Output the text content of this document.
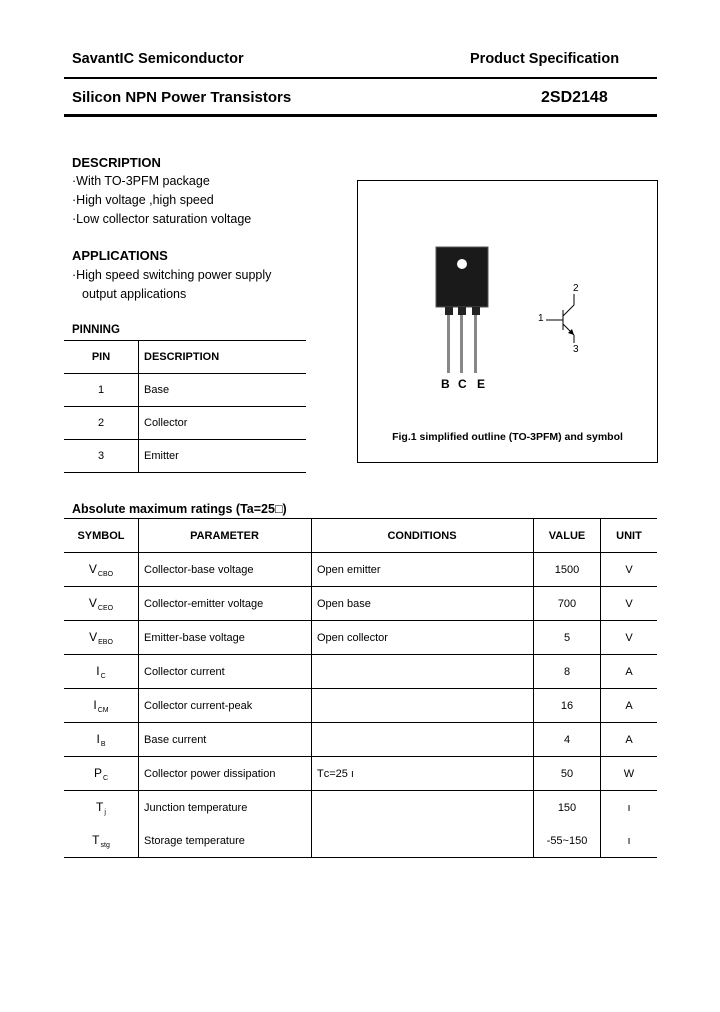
SavantIC Semiconductor	Product Specification
Silicon NPN Power Transistors	2SD2148
DESCRIPTION
·With TO-3PFM package
·High voltage ,high speed
·Low collector saturation voltage
APPLICATIONS
·High speed switching power supply
output applications
PINNING
PIN	DESCRIPTION
1	Base
2	Collector
3	Emitter
B C E
1
2
3
Fig.1 simplified outline (TO-3PFM) and symbol
Absolute maximum ratings (Ta=25□)
SYMBOL	PARAMETER	CONDITIONS	VALUE	UNIT
$V_{CBO}$	Collector-base voltage	Open emitter	1500	V
$V_{CEO}$	Collector-emitter voltage	Open base	700	V
$V_{EBO}$	Emitter-base voltage	Open collector	5	V
$I_C$	Collector current		8	A
$I_{CM}$	Collector current-peak		16	A
$I_B$	Base current		4	A
$P_C$	Collector power dissipation	Tᴄ=25 ı	50	W
$T_j$	Junction temperature		150	ı
$T_{stg}$	Storage temperature		-55~150	ı
